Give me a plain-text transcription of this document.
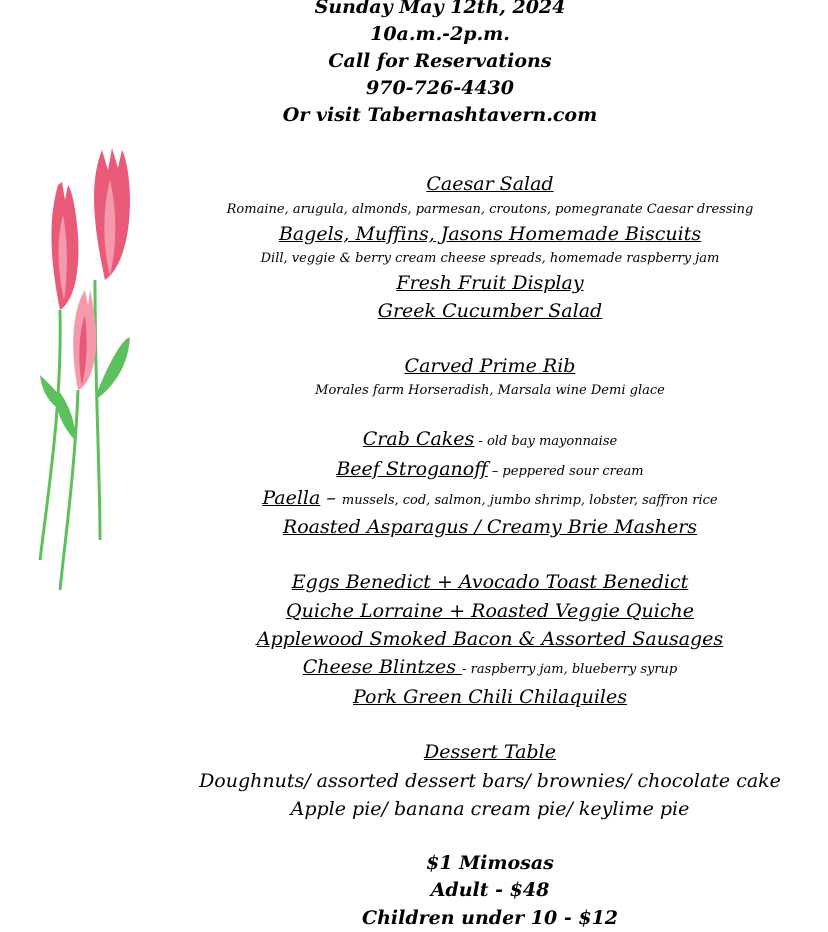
Sunday May 12th, 2024
10a.m.-2p.m.
Call for Reservations
970-726-4430
Or visit Tabernashtavern.com
Caesar Salad
Romaine, arugula, almonds, parmesan, croutons, pomegranate Caesar dressing
Bagels, Muffins, Jasons Homemade Biscuits
Dill, veggie & berry cream cheese spreads, homemade raspberry jam
Fresh Fruit Display
Greek Cucumber Salad
Carved Prime Rib
Morales farm Horseradish, Marsala wine Demi glace
Crab Cakes - old bay mayonnaise
Beef Stroganoff – peppered sour cream
Paella – mussels, cod, salmon, jumbo shrimp, lobster, saffron rice
Roasted Asparagus / Creamy Brie Mashers
Eggs Benedict + Avocado Toast Benedict
Quiche Lorraine + Roasted Veggie Quiche
Applewood Smoked Bacon & Assorted Sausages
Cheese Blintzes - raspberry jam, blueberry syrup
Pork Green Chili Chilaquiles
Dessert Table
Doughnuts/ assorted dessert bars/ brownies/ chocolate cake
Apple pie/ banana cream pie/ keylime pie
$1 Mimosas
Adult - $48
Children under 10 - $12
